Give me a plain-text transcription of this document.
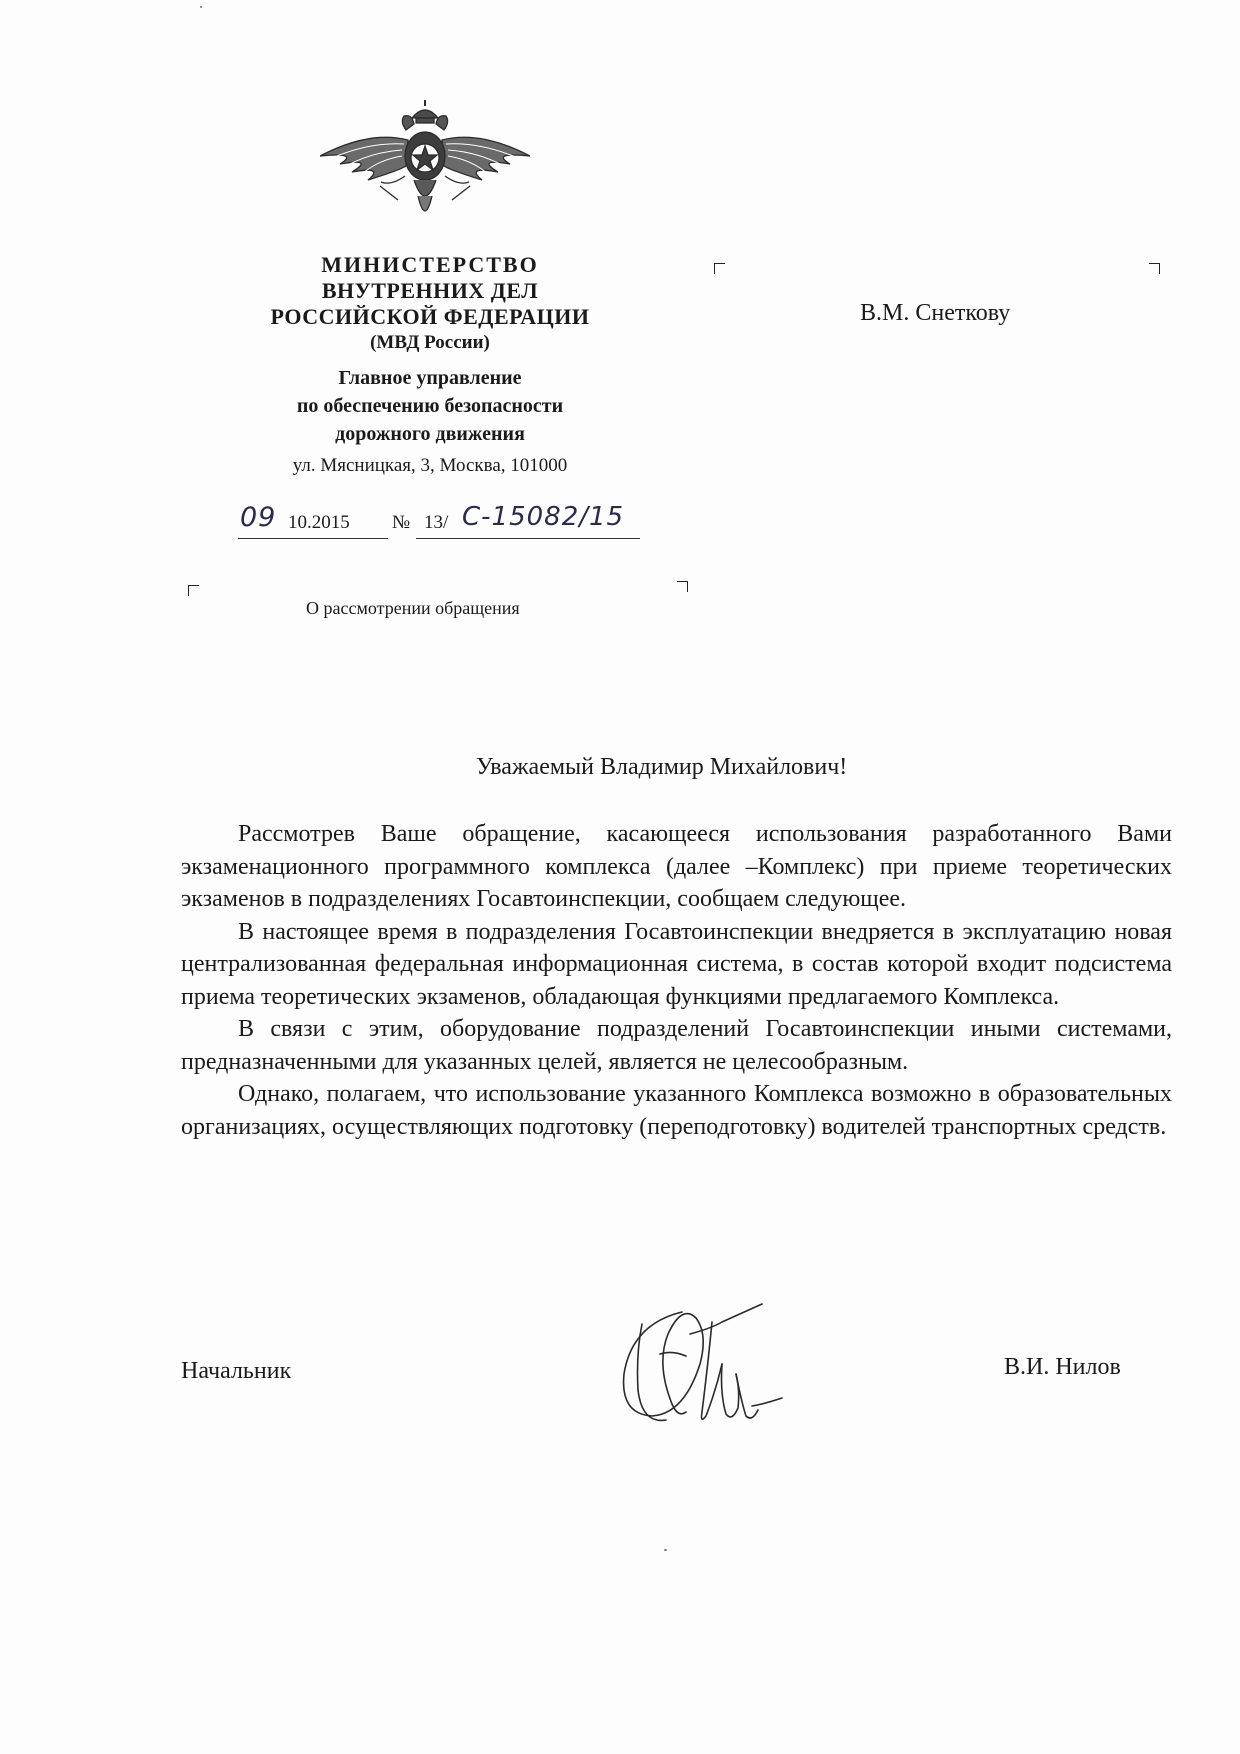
МИНИСТЕРСТВО
ВНУТРЕННИХ ДЕЛ
РОССИЙСКОЙ ФЕДЕРАЦИИ
(МВД России)
Главное управление
по обеспечению безопасности
дорожного движения
ул. Мясницкая, 3, Москва, 101000
09 10.2015 № 13/ С-15082/15
В.М. Снеткову
О рассмотрении обращения
Уважаемый Владимир Михайлович!

Рассмотрев Ваше обращение, касающееся использования разработанного Вами экзаменационного программного комплекса (далее –Комплекс) при приеме теоретических экзаменов в подразделениях Госавтоинспекции, сообщаем следующее.

В настоящее время в подразделения Госавтоинспекции внедряется в эксплуатацию новая централизованная федеральная информационная система, в состав которой входит подсистема приема теоретических экзаменов, обладающая функциями предлагаемого Комплекса.

В связи с этим, оборудование подразделений Госавтоинспекции иными системами, предназначенными для указанных целей, является не целесообразным.

Однако, полагаем, что использование указанного Комплекса возможно в образовательных организациях, осуществляющих подготовку (переподготовку) водителей транспортных средств.

Начальник	В.И. Нилов
